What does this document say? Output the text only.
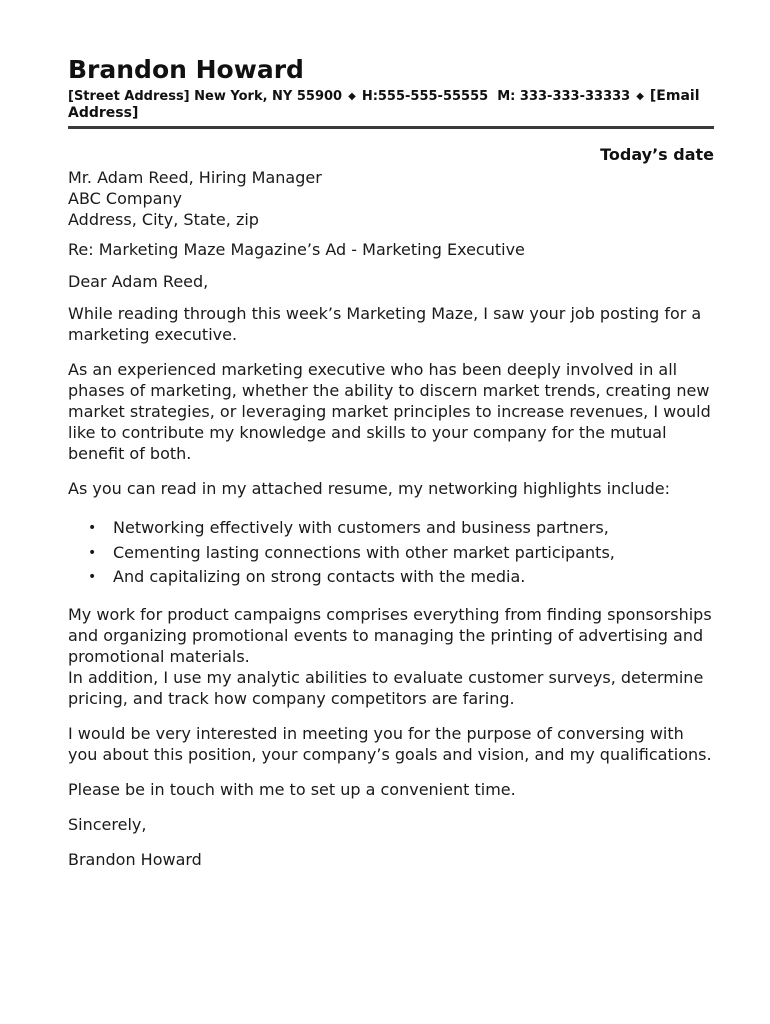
Brandon Howard
[Street Address] New York, NY 55900 ◆ H:555-555-55555 M: 333-333-33333 ◆ [Email Address]
Today’s date
Mr. Adam Reed, Hiring Manager
ABC Company
Address, City, State, zip

Re: Marketing Maze Magazine’s Ad - Marketing Executive

Dear Adam Reed,

While reading through this week’s Marketing Maze, I saw your job posting for a marketing executive.

As an experienced marketing executive who has been deeply involved in all phases of marketing, whether the ability to discern market trends, creating new market strategies, or leveraging market principles to increase revenues, I would like to contribute my knowledge and skills to your company for the mutual benefit of both.

As you can read in my attached resume, my networking highlights include:

• Networking effectively with customers and business partners,
• Cementing lasting connections with other market participants,
• And capitalizing on strong contacts with the media.
My work for product campaigns comprises everything from finding sponsorships and organizing promotional events to managing the printing of advertising and promotional materials.
In addition, I use my analytic abilities to evaluate customer surveys, determine pricing, and track how company competitors are faring.

I would be very interested in meeting you for the purpose of conversing with you about this position, your company’s goals and vision, and my qualifications.

Please be in touch with me to set up a convenient time.

Sincerely,

Brandon Howard
